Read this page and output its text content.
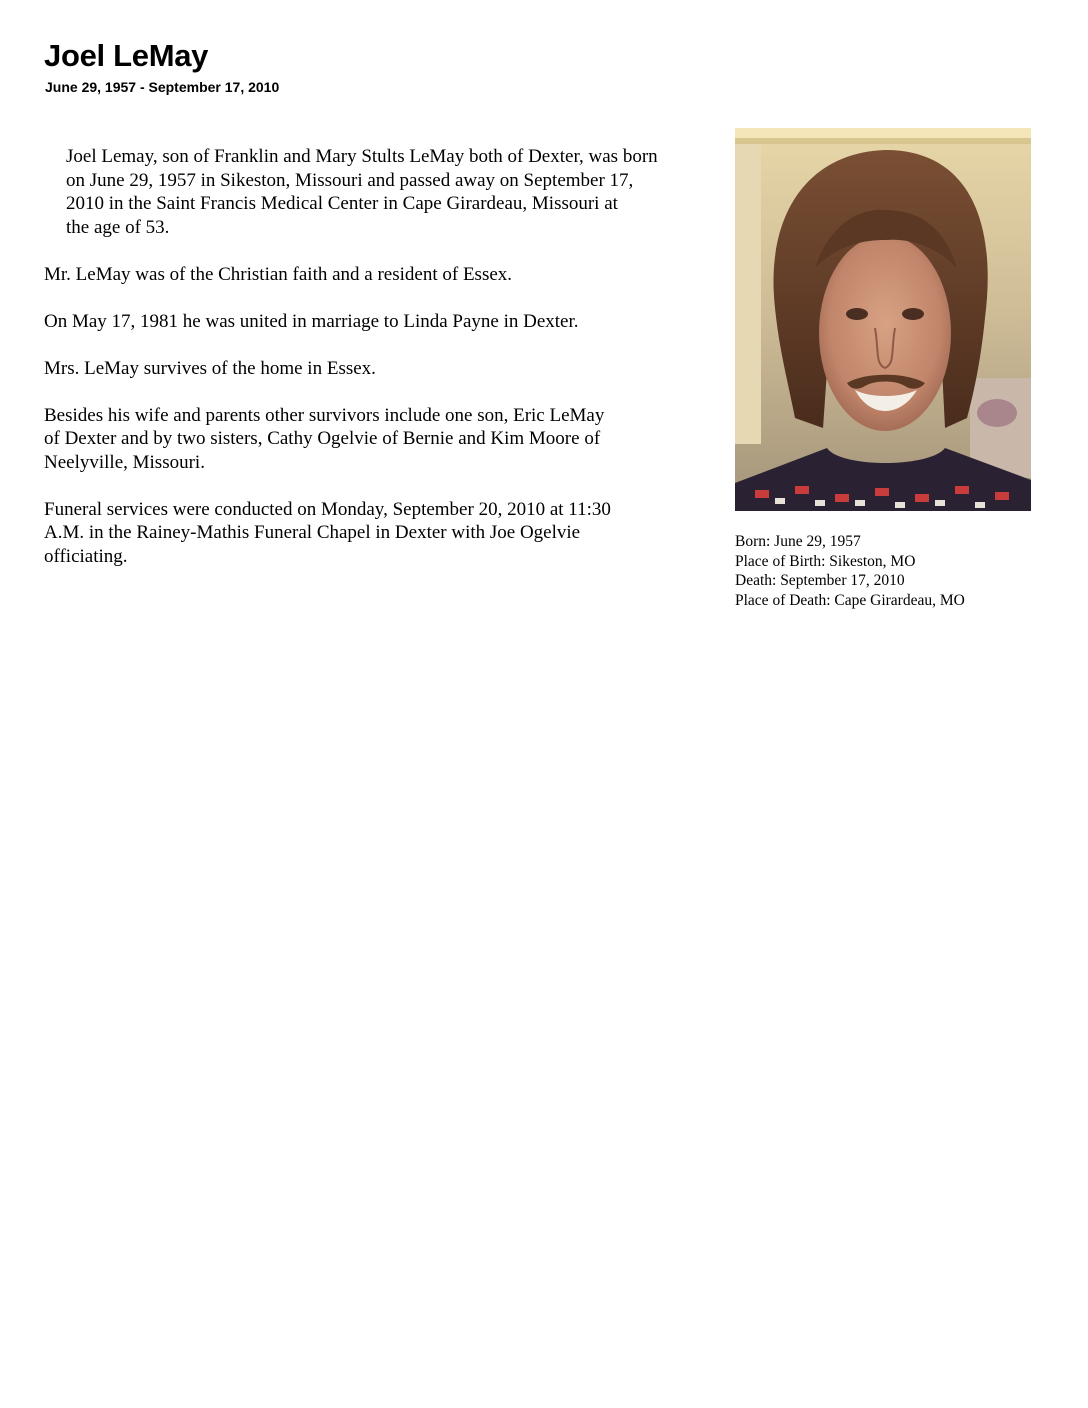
Joel LeMay
June 29, 1957 - September 17, 2010

Joel Lemay, son of Franklin and Mary Stults LeMay both of Dexter, was born
on June 29, 1957 in Sikeston, Missouri and passed away on September 17,
2010 in the Saint Francis Medical Center in Cape Girardeau, Missouri at
the age of 53.

Mr. LeMay was of the Christian faith and a resident of Essex.

On May 17, 1981 he was united in marriage to Linda Payne in Dexter.

Mrs. LeMay survives of the home in Essex.

Besides his wife and parents other survivors include one son, Eric LeMay
of Dexter and by two sisters, Cathy Ogelvie of Bernie and Kim Moore of
Neelyville, Missouri.

Funeral services were conducted on Monday, September 20, 2010 at 11:30
A.M. in the Rainey-Mathis Funeral Chapel in Dexter with Joe Ogelvie
officiating.

Born: June 29, 1957
Place of Birth: Sikeston, MO
Death: September 17, 2010
Place of Death: Cape Girardeau, MO
